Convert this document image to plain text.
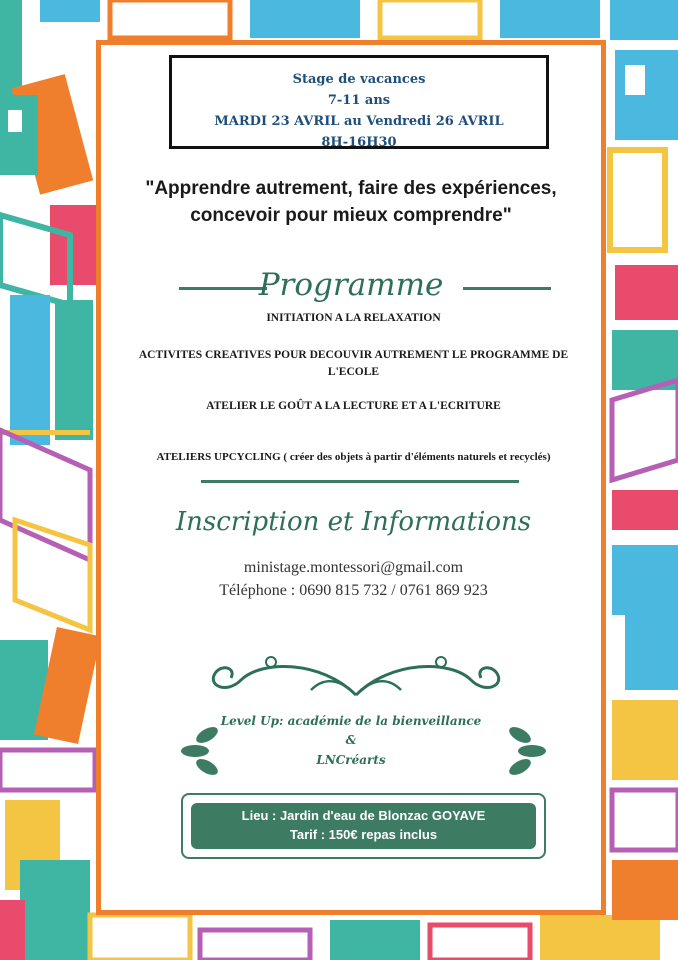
Stage de vacances
7-11 ans
MARDI 23 AVRIL au Vendredi 26 AVRIL
8H-16H30
"Apprendre autrement, faire des expériences,
concevoir pour mieux comprendre"
Programme
INITIATION A LA RELAXATION
ACTIVITES CREATIVES POUR DECOUVIR AUTREMENT LE PROGRAMME DE
L'ECOLE
ATELIER LE GOÛT A LA LECTURE ET A L'ECRITURE
ATELIERS UPCYCLING ( créer des objets à partir d'éléments naturels et recyclés)
Inscription et Informations
ministage.montessori@gmail.com
Téléphone : 0690 815 732 / 0761 869 923
Level Up: académie de la bienveillance
&
LNCréarts
Lieu : Jardin d'eau de Blonzac GOYAVE
Tarif : 150€ repas inclus
